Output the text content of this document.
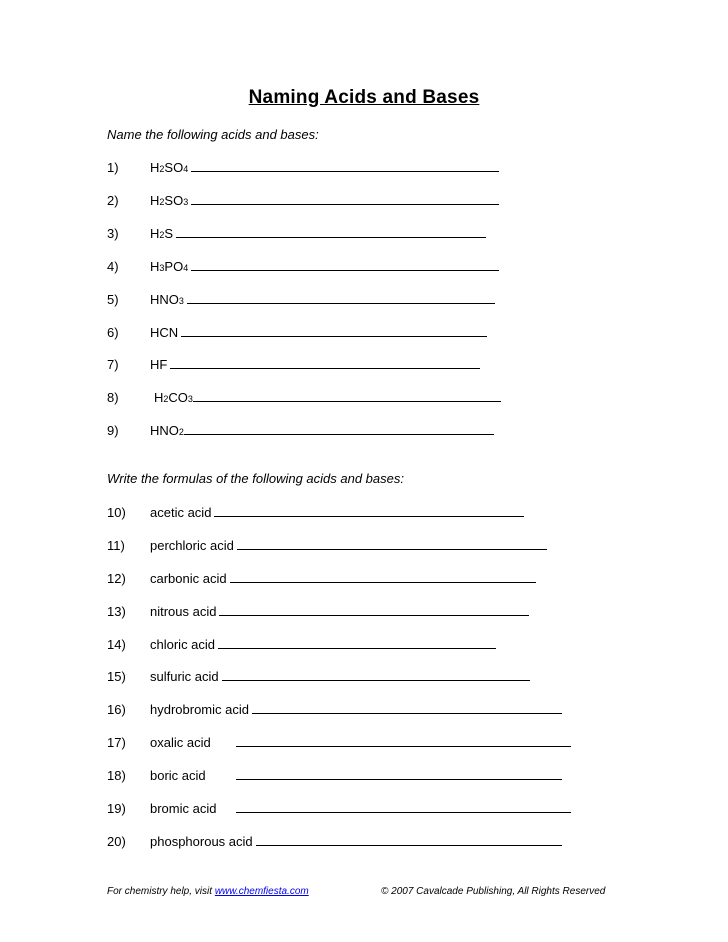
Naming Acids and Bases
Name the following acids and bases:
1)	H 2 SO 4
2)	H 2 SO 3
3)	H 2 S
4)	H 3 PO 4
5)	HNO 3
6)	HCN
7)	HF
8)	H 2 CO 3
9)	HNO 2
Write the formulas of the following acids and bases:
10)	acetic acid
11)	perchloric acid
12)	carbonic acid
13)	nitrous acid
14)	chloric acid
15)	sulfuric acid
16)	hydrobromic acid
17)	oxalic acid
18)	boric acid
19)	bromic acid
20)	phosphorous acid
For chemistry help, visit www.chemfiesta.com	© 2007 Cavalcade Publishing, All Rights Reserved
